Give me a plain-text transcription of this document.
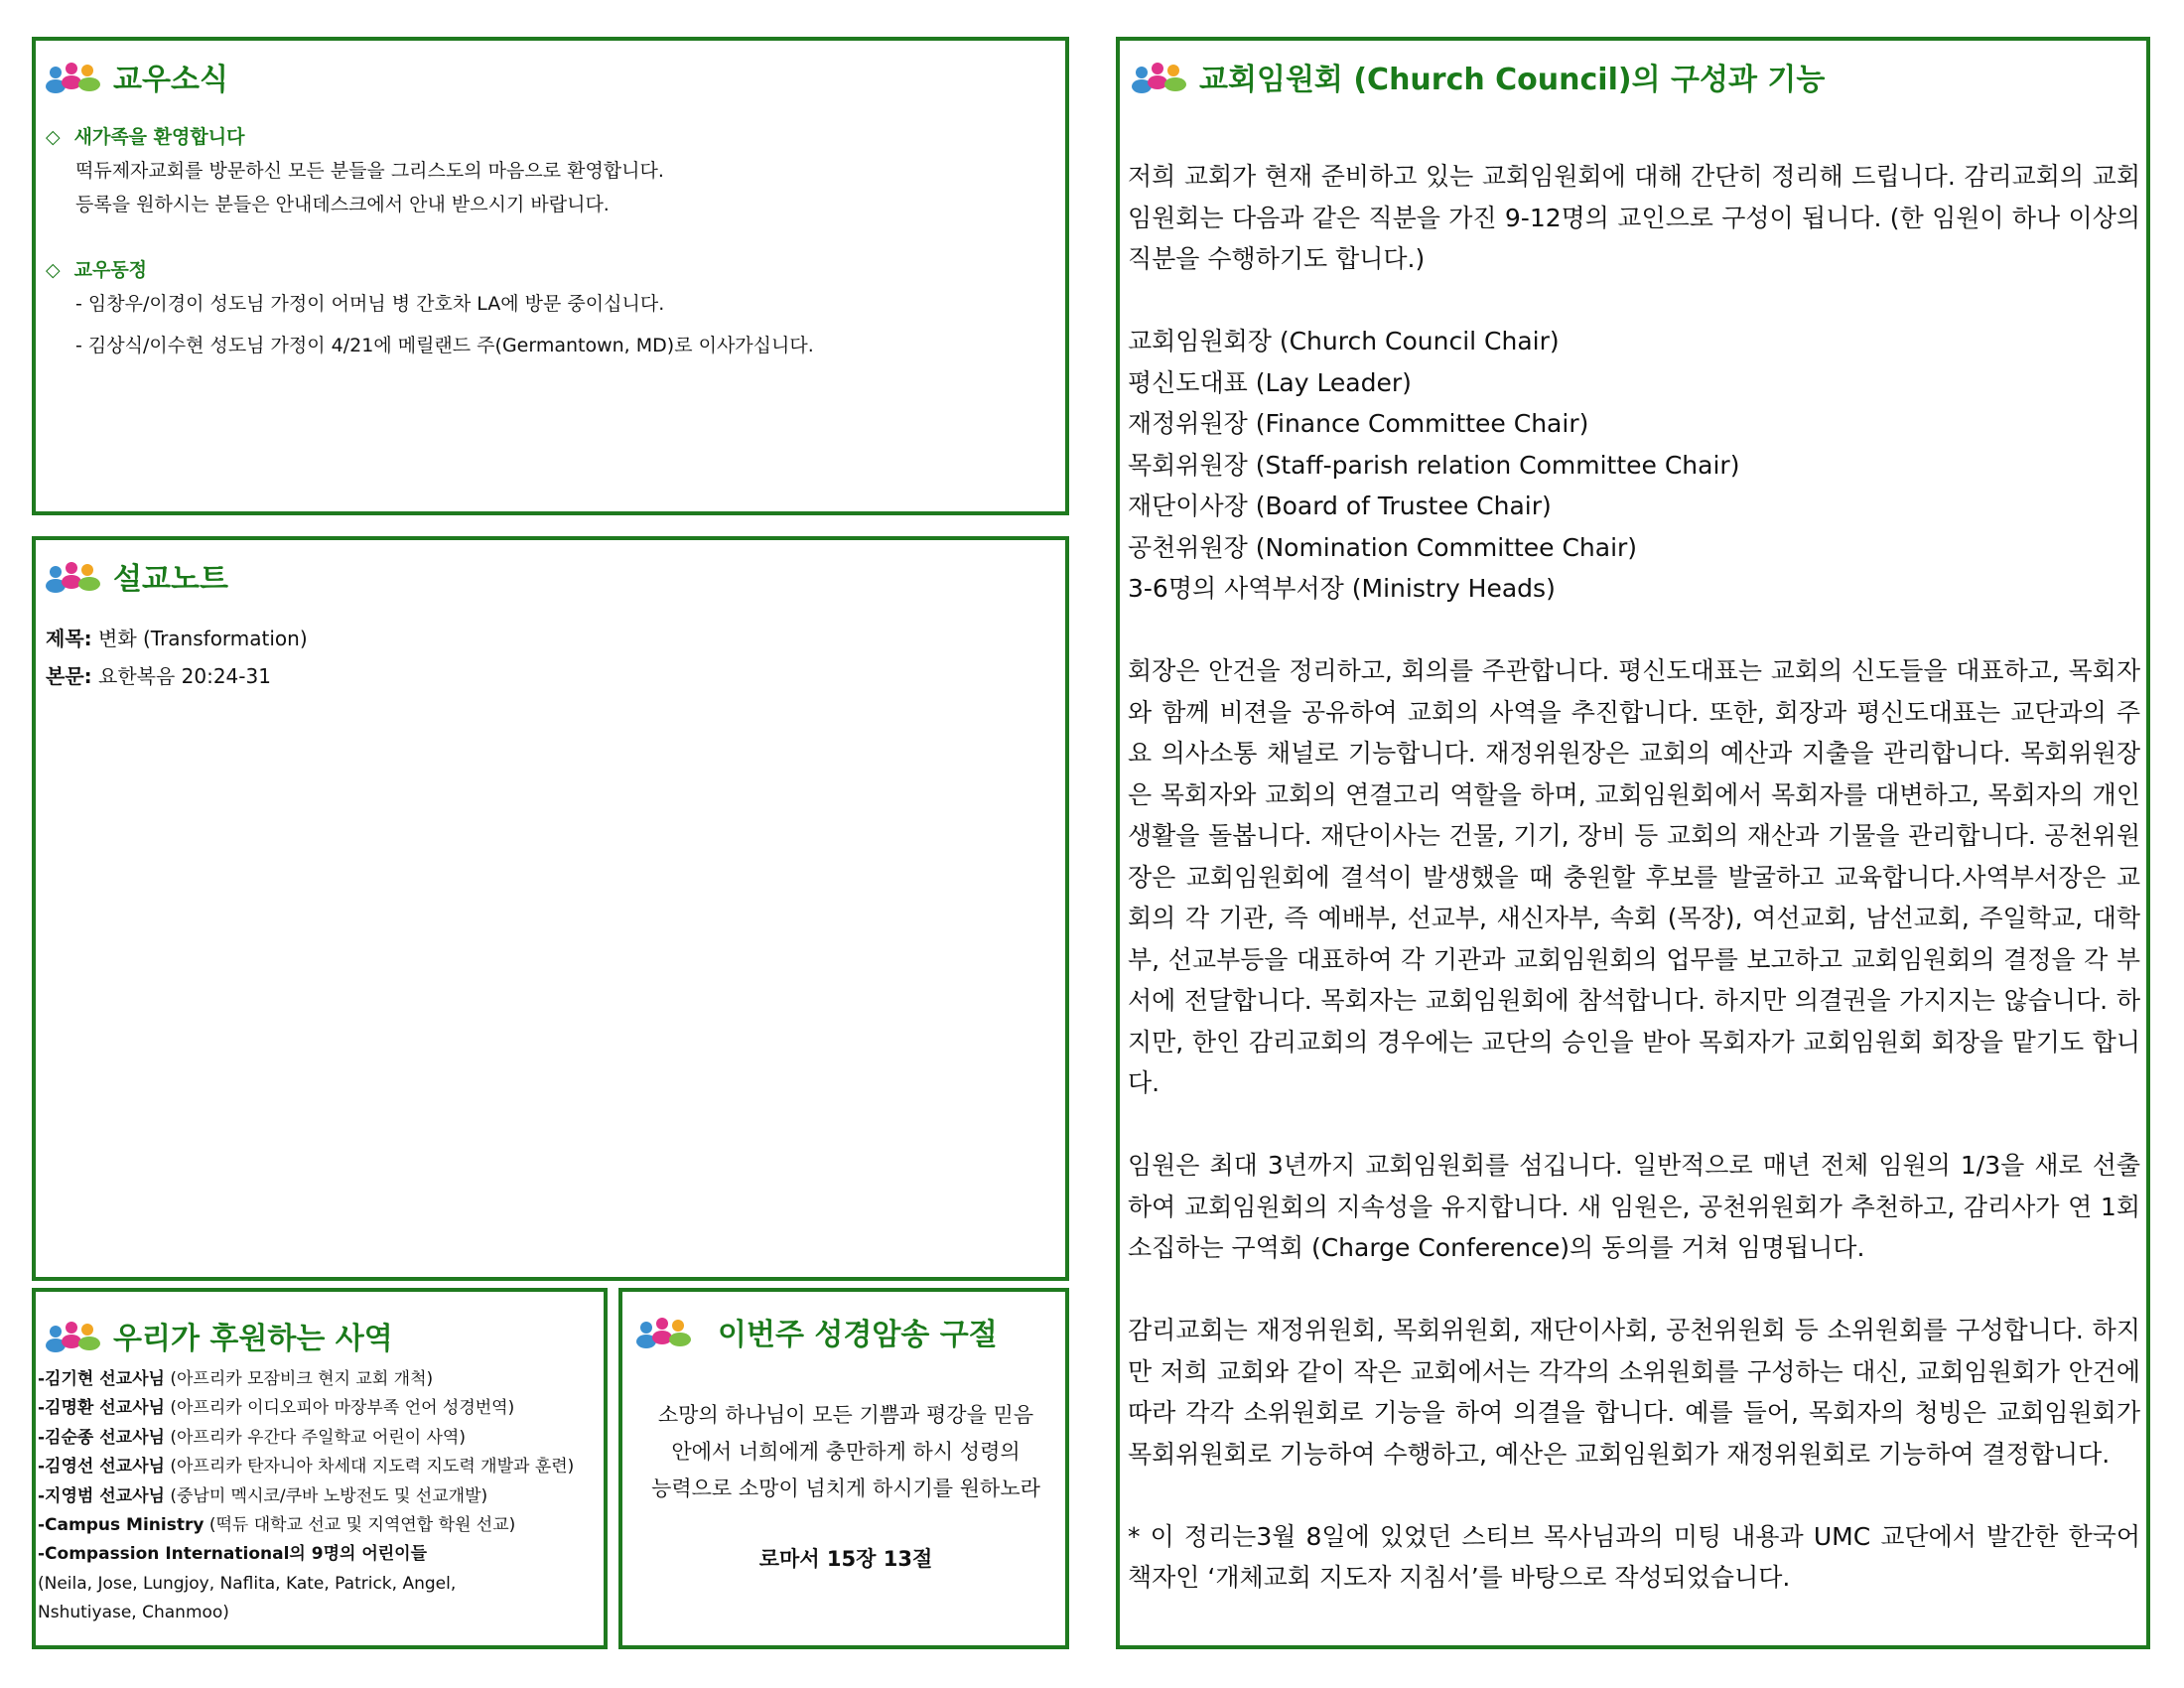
교우소식
◇ 새가족을 환영합니다
떡듀제자교회를 방문하신 모든 분들을 그리스도의 마음으로 환영합니다.
등록을 원하시는 분들은 안내데스크에서 안내 받으시기 바랍니다.
◇ 교우동정
- 임창우/이경이 성도님 가정이 어머님 병 간호차 LA에 방문 중이십니다.
- 김상식/이수현 성도님 가정이 4/21에 메릴랜드 주(Germantown, MD)로 이사가십니다.
설교노트
제목: 변화 (Transformation)
본문: 요한복음 20:24-31
우리가 후원하는 사역
-김기현 선교사님 (아프리카 모잠비크 현지 교회 개척)
-김명환 선교사님 (아프리카 이디오피아 마장부족 언어 성경번역)
-김순종 선교사님 (아프리카 우간다 주일학교 어린이 사역)
-김영선 선교사님 (아프리카 탄자니아 차세대 지도력 지도력 개발과 훈련)
-지영범 선교사님 (중남미 멕시코/쿠바 노방전도 및 선교개발)
-Campus Ministry (떡듀 대학교 선교 및 지역연합 학원 선교)
-Compassion International의 9명의 어린이들
(Neila, Jose, Lungjoy, Naflita, Kate, Patrick, Angel,
Nshutiyase, Chanmoo)
이번주 성경암송 구절
소망의 하나님이 모든 기쁨과 평강을 믿음
안에서 너희에게 충만하게 하시 성령의
능력으로 소망이 넘치게 하시기를 원하노라
로마서 15장 13절
교회임원회 (Church Council)의 구성과 기능

저희 교회가 현재 준비하고 있는 교회임원회에 대해 간단히 정리해 드립니다. 감리교회의 교회임원회는 다음과 같은 직분을 가진 9-12명의 교인으로 구성이 됩니다. (한 임원이 하나 이상의 직분을 수행하기도 합니다.)

교회임원회장 (Church Council Chair)
평신도대표 (Lay Leader)
재정위원장 (Finance Committee Chair)
목회위원장 (Staff-parish relation Committee Chair)
재단이사장 (Board of Trustee Chair)
공천위원장 (Nomination Committee Chair)
3-6명의 사역부서장 (Ministry Heads)

회장은 안건을 정리하고, 회의를 주관합니다. 평신도대표는 교회의 신도들을 대표하고, 목회자와 함께 비젼을 공유하여 교회의 사역을 추진합니다. 또한, 회장과 평신도대표는 교단과의 주요 의사소통 채널로 기능합니다. 재정위원장은 교회의 예산과 지출을 관리합니다. 목회위원장은 목회자와 교회의 연결고리 역할을 하며, 교회임원회에서 목회자를 대변하고, 목회자의 개인 생활을 돌봅니다. 재단이사는 건물, 기기, 장비 등 교회의 재산과 기물을 관리합니다. 공천위원장은 교회임원회에 결석이 발생했을 때 충원할 후보를 발굴하고 교육합니다.사역부서장은 교회의 각 기관, 즉 예배부, 선교부, 새신자부, 속회 (목장), 여선교회, 남선교회, 주일학교, 대학부, 선교부등을 대표하여 각 기관과 교회임원회의 업무를 보고하고 교회임원회의 결정을 각 부서에 전달합니다. 목회자는 교회임원회에 참석합니다. 하지만 의결권을 가지지는 않습니다. 하지만, 한인 감리교회의 경우에는 교단의 승인을 받아 목회자가 교회임원회 회장을 맡기도 합니다.

임원은 최대 3년까지 교회임원회를 섬깁니다. 일반적으로 매년 전체 임원의 1/3을 새로 선출하여 교회임원회의 지속성을 유지합니다. 새 임원은, 공천위원회가 추천하고, 감리사가 연 1회 소집하는 구역회 (Charge Conference)의 동의를 거쳐 임명됩니다.

감리교회는 재정위원회, 목회위원회, 재단이사회, 공천위원회 등 소위원회를 구성합니다. 하지만 저희 교회와 같이 작은 교회에서는 각각의 소위원회를 구성하는 대신, 교회임원회가 안건에 따라 각각 소위원회로 기능을 하여 의결을 합니다. 예를 들어, 목회자의 청빙은 교회임원회가 목회위원회로 기능하여 수행하고, 예산은 교회임원회가 재정위원회로 기능하여 결정합니다.

* 이 정리는3월 8일에 있었던 스티브 목사님과의 미팅 내용과 UMC 교단에서 발간한 한국어 책자인 ‘개체교회 지도자 지침서’를 바탕으로 작성되었습니다.
